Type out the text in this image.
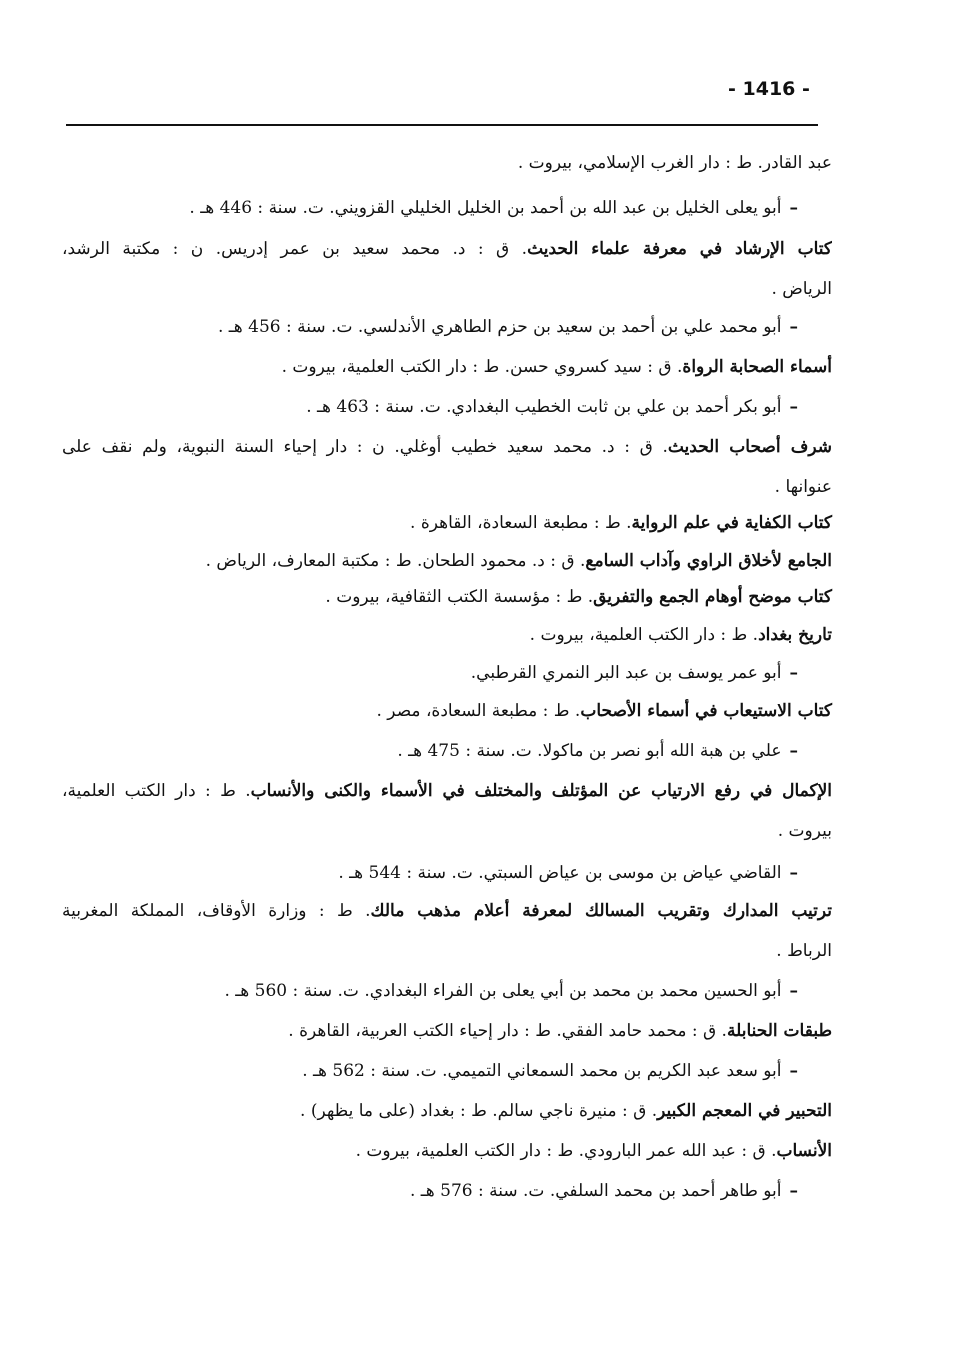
- 1416 -
عبد القادر. ط : دار الغرب الإسلامي، بيروت .
–أبو يعلى الخليل بن عبد الله بن أحمد بن الخليل الخليلي القزويني. ت. سنة : 446 هـ .
كتاب الإرشاد في معرفة علماء الحديث. ق : د. محمد سعيد بن عمر إدريس. ن : مكتبة الرشد،
الرياض .
–أبو محمد علي بن أحمد بن سعيد بن حزم الطاهري الأندلسي. ت. سنة : 456 هـ .
أسماء الصحابة الرواة. ق : سيد كسروي حسن. ط : دار الكتب العلمية، بيروت .
–أبو بكر أحمد بن علي بن ثابت الخطيب البغدادي. ت. سنة : 463 هـ .
شرف أصحاب الحديث. ق : د. محمد سعيد خطيب أوغلي. ن : دار إحياء السنة النبوية، ولم نقف على
عنوانها .
كتاب الكفاية في علم الرواية. ط : مطبعة السعادة، القاهرة .
الجامع لأخلاق الراوي وآداب السامع. ق : د. محمود الطحان. ط : مكتبة المعارف، الرياض .
كتاب موضح أوهام الجمع والتفريق. ط : مؤسسة الكتب الثقافية، بيروت .
تاريخ بغداد. ط : دار الكتب العلمية، بيروت .
–أبو عمر يوسف بن عبد البر النمري القرطبي.
كتاب الاستيعاب في أسماء الأصحاب. ط : مطبعة السعادة، مصر .
–علي بن هبة الله أبو نصر بن ماكولا. ت. سنة : 475 هـ .
الإكمال في رفع الارتياب عن المؤتلف والمختلف في الأسماء والكنى والأنساب. ط : دار الكتب العلمية،
بيروت .
–القاضي عياض بن موسى بن عياض السبتي. ت. سنة : 544 هـ .
ترتيب المدارك وتقريب المسالك لمعرفة أعلام مذهب مالك. ط : وزارة الأوقاف، المملكة المغربية
الرباط .
–أبو الحسين محمد بن محمد بن أبي يعلى بن الفراء البغدادي. ت. سنة : 560 هـ .
طبقات الحنابلة. ق : محمد حامد الفقي. ط : دار إحياء الكتب العربية، القاهرة .
–أبو سعد عبد الكريم بن محمد السمعاني التميمي. ت. سنة : 562 هـ .
التحبير في المعجم الكبير. ق : منيرة ناجي سالم. ط : بغداد (على ما يظهر) .
الأنساب. ق : عبد الله عمر البارودي. ط : دار الكتب العلمية، بيروت .
–أبو طاهر أحمد بن محمد السلفي. ت. سنة : 576 هـ .
